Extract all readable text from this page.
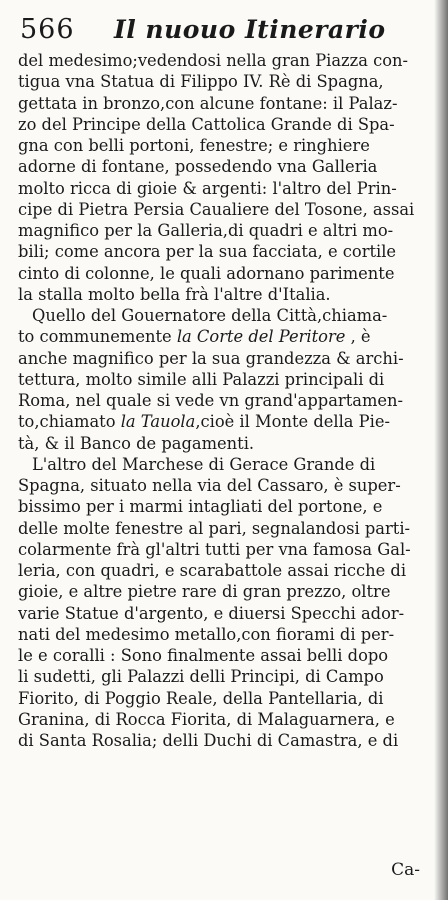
566 Il nuouo Itinerario
del medesimo;vedendosi nella gran Piazza con-
tigua vna Statua di Filippo IV. Rè di Spagna,
gettata in bronzo,con alcune fontane: il Palaz-
zo del Principe della Cattolica Grande di Spa-
gna con belli portoni, fenestre; e ringhiere
adorne di fontane, possedendo vna Galleria
molto ricca di gioie & argenti: l'altro del Prin-
cipe di Pietra Persia Caualiere del Tosone, assai
magnifico per la Galleria,di quadri e altri mo-
bili; come ancora per la sua facciata, e cortile
cinto di colonne, le quali adornano parimente
la stalla molto bella frà l'altre d'Italia.
Quello del Gouernatore della Città,chiama-
to communemente la Corte del Peritore , è
anche magnifico per la sua grandezza & archi-
tettura, molto simile alli Palazzi principali di
Roma, nel quale si vede vn grand'appartamen-
to,chiamato la Tauola,cioè il Monte della Pie-
tà, & il Banco de pagamenti.
L'altro del Marchese di Gerace Grande di
Spagna, situato nella via del Cassaro, è super-
bissimo per i marmi intagliati del portone, e
delle molte fenestre al pari, segnalandosi parti-
colarmente frà gl'altri tutti per vna famosa Gal-
leria, con quadri, e scarabattole assai ricche di
gioie, e altre pietre rare di gran prezzo, oltre
varie Statue d'argento, e diuersi Specchi ador-
nati del medesimo metallo,con fiorami di per-
le e coralli : Sono finalmente assai belli dopo
li sudetti, gli Palazzi delli Principi, di Campo
Fiorito, di Poggio Reale, della Pantellaria, di
Granina, di Rocca Fiorita, di Malaguarnera, e
di Santa Rosalia; delli Duchi di Camastra, e di
Ca-
